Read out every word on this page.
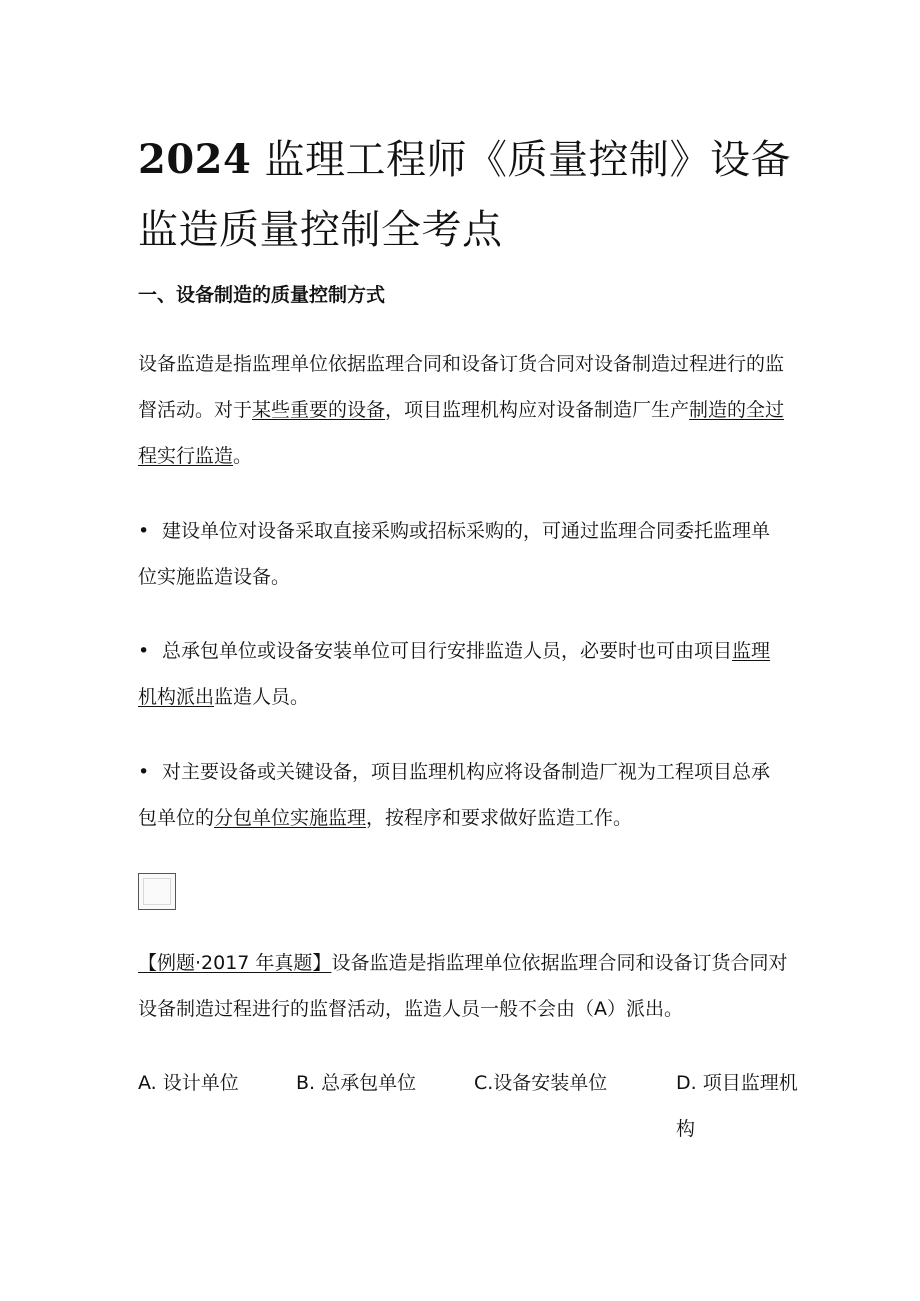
2024 监理工程师《质量控制》设备
监造质量控制全考点
一、设备制造的质量控制方式

设备监造是指监理单位依据监理合同和设备订货合同对设备制造过程进行的监督活动。对于某些重要的设备，项目监理机构应对设备制造厂生产制造的全过程实行监造。

• 建设单位对设备采取直接采购或招标采购的，可通过监理合同委托监理单位实施监造设备。

• 总承包单位或设备安装单位可目行安排监造人员，必要时也可由项目监理机构派出监造人员。

• 对主要设备或关键设备，项目监理机构应将设备制造厂视为工程项目总承包单位的分包单位实施监理，按程序和要求做好监造工作。

【例题·2017 年真题】设备监造是指监理单位依据监理合同和设备订货合同对设备制造过程进行的监督活动，监造人员一般不会由（A）派出。

A. 设计单位	B. 总承包单位	C.设备安装单位	D. 项目监理机构
